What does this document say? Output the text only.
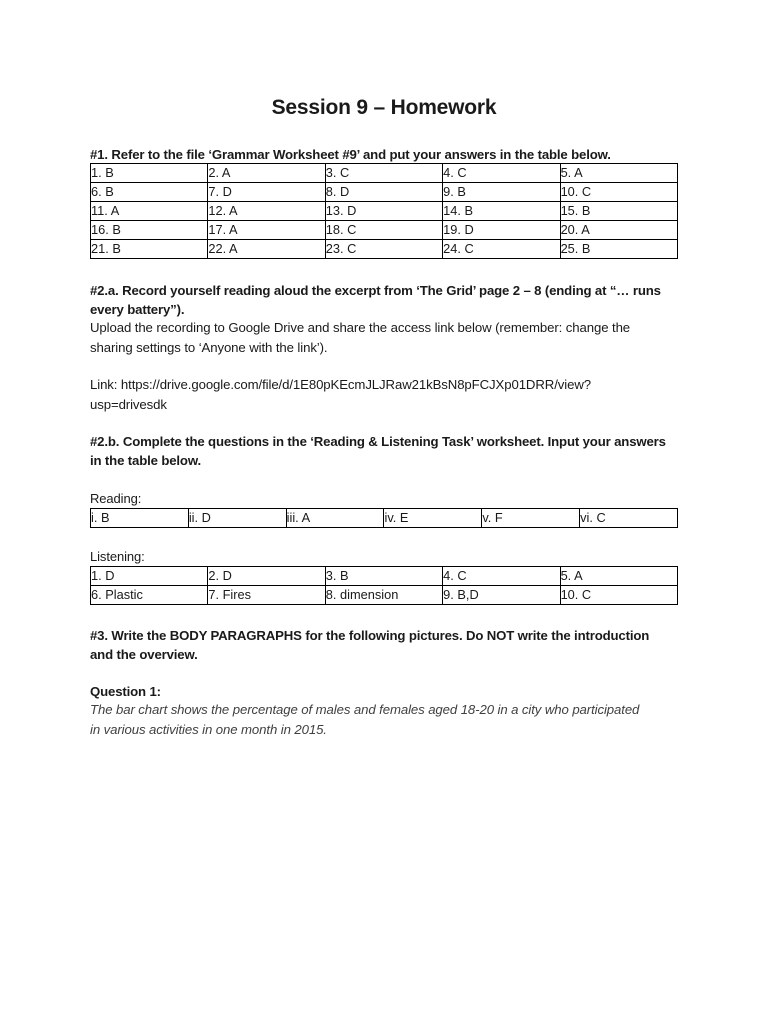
Session 9 – Homework
#1. Refer to the file ‘Grammar Worksheet #9’ and put your answers in the table below.
1. B	2. A	3. C	4. C	5. A
6. B	7. D	8. D	9. B	10. C
11. A	12. A	13. D	14. B	15. B
16. B	17. A	18. C	19. D	20. A
21. B	22. A	23. C	24. C	25. B
#2.a. Record yourself reading aloud the excerpt from ‘The Grid’ page 2 – 8 (ending at “… runs
every battery”).
Upload the recording to Google Drive and share the access link below (remember: change the
sharing settings to ‘Anyone with the link’).
Link: https://drive.google.com/file/d/1E80pKEcmJLJRaw21kBsN8pFCJXp01DRR/view?
usp=drivesdk
#2.b. Complete the questions in the ‘Reading & Listening Task’ worksheet. Input your answers
in the table below.
Reading:
i. B	ii. D	iii. A	iv. E	v. F	vi. C
Listening:
1. D	2. D	3. B	4. C	5. A
6. Plastic	7. Fires	8. dimension	9. B,D	10. C
#3. Write the BODY PARAGRAPHS for the following pictures. Do NOT write the introduction
and the overview.
Question 1:
The bar chart shows the percentage of males and females aged 18-20 in a city who participated
in various activities in one month in 2015.
